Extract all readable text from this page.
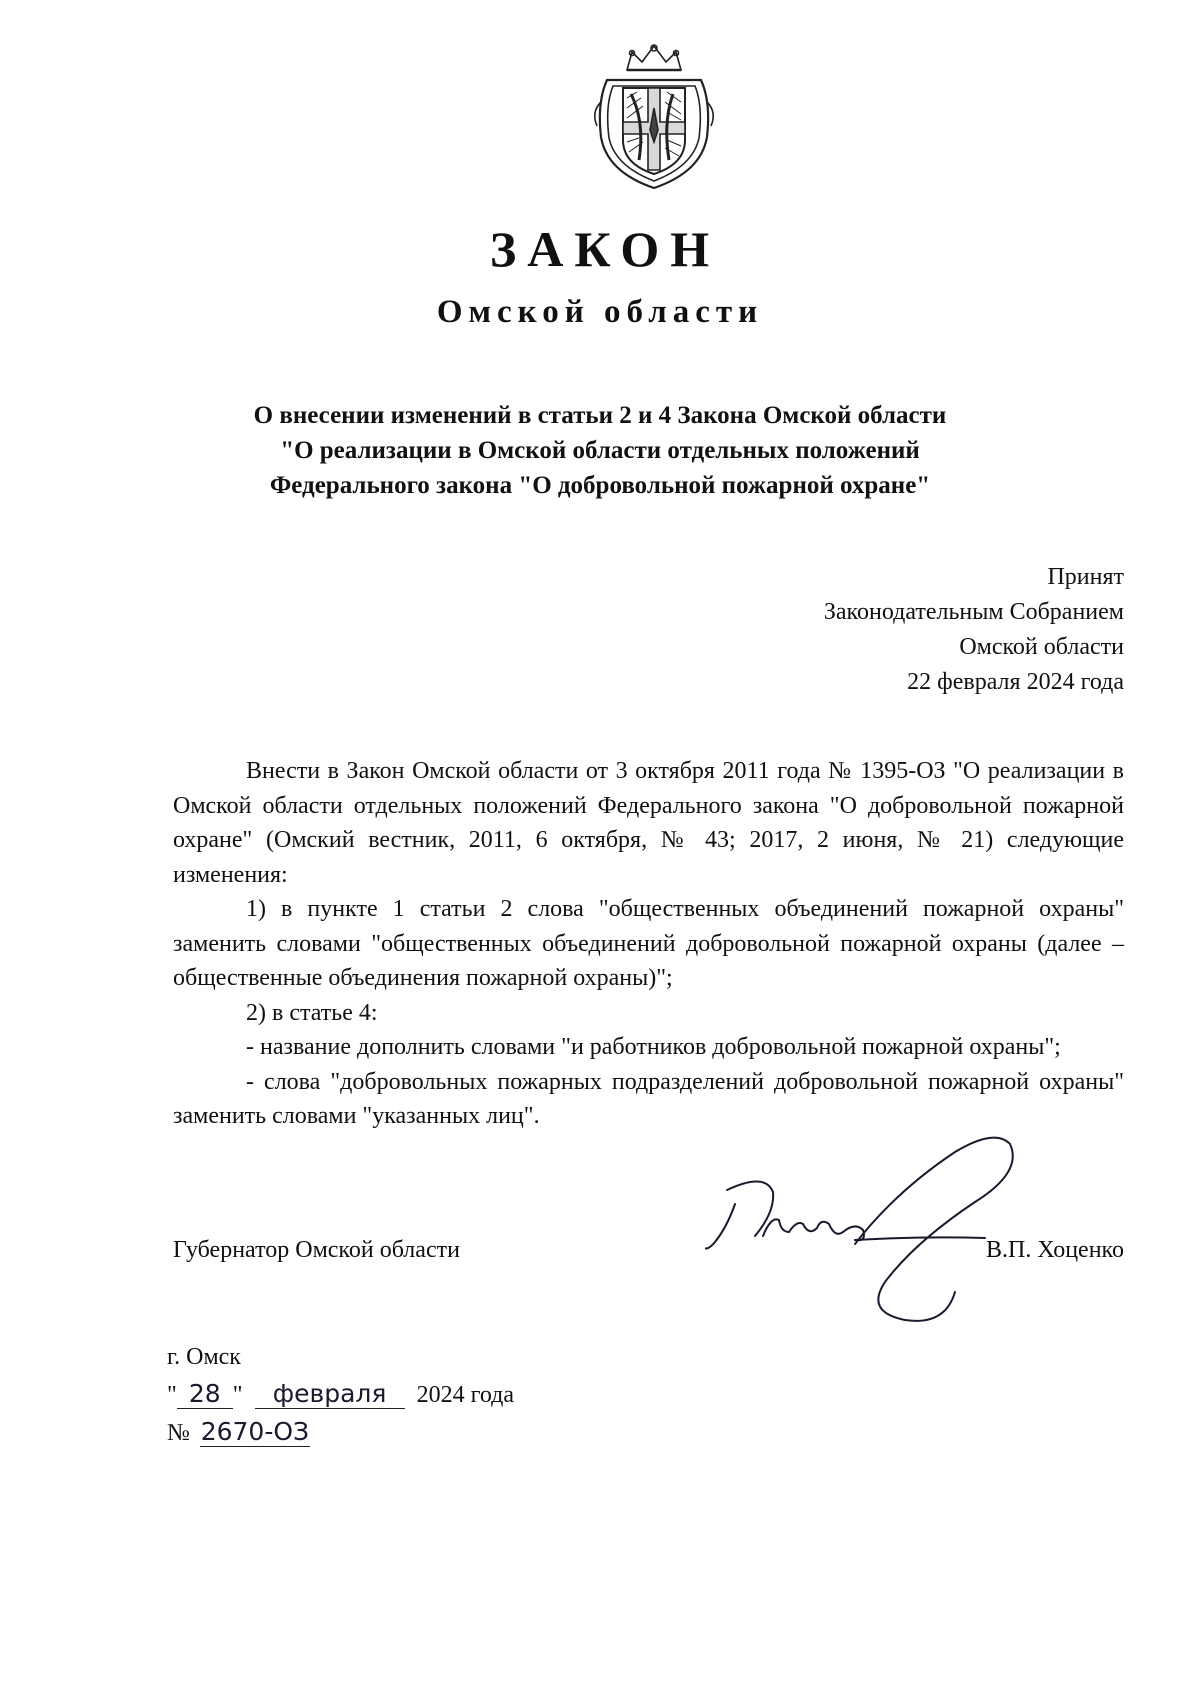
ЗАКОН
Омской области
О внесении изменений в статьи 2 и 4 Закона Омской области
"О реализации в Омской области отдельных положений
Федерального закона "О добровольной пожарной охране"
Принят
Законодательным Собранием
Омской области
22 февраля 2024 года

Внести в Закон Омской области от 3 октября 2011 года № 1395-ОЗ "О реализации в Омской области отдельных положений Федерального закона "О добровольной пожарной охране" (Омский вестник, 2011, 6 октября, № 43; 2017, 2 июня, № 21) следующие изменения:

1) в пункте 1 статьи 2 слова "общественных объединений пожарной охраны" заменить словами "общественных объединений добровольной пожарной охраны (далее – общественные объединения пожарной охраны)";

2) в статье 4:

- название дополнить словами "и работников добровольной пожарной охраны";

- слова "добровольных пожарных подразделений добровольной пожарной охраны" заменить словами "указанных лиц".

Губернатор Омской области	В.П. Хоценко
г. Омск
" 28 " февраля 2024 года
№ 2670-ОЗ
